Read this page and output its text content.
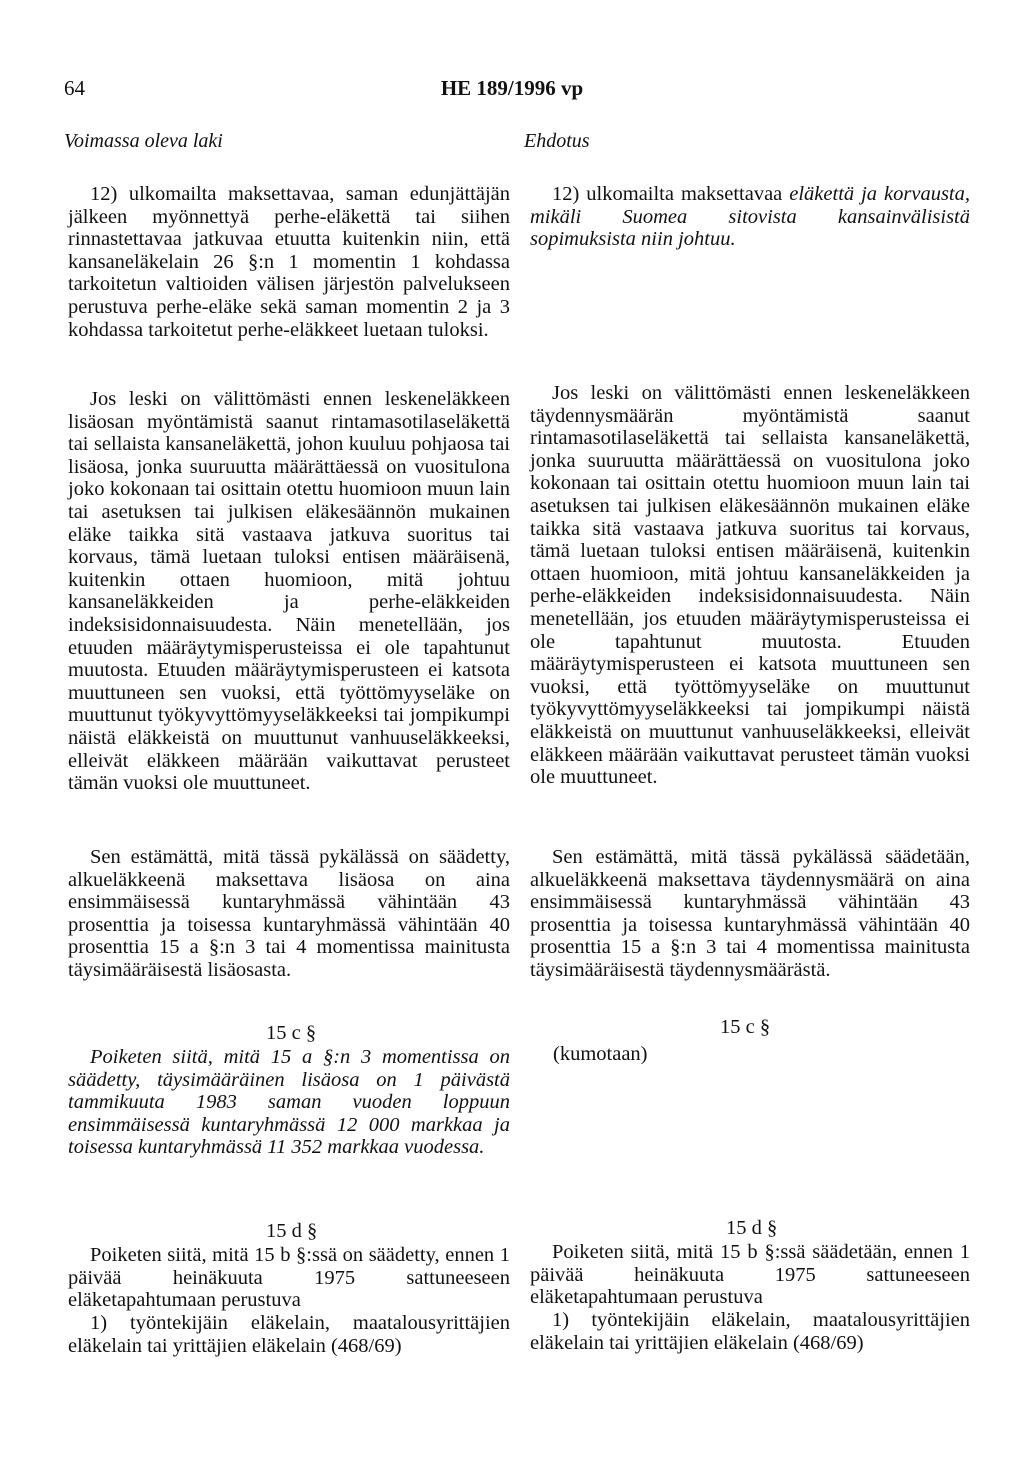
64	HE 189/1996 vp
Voimassa oleva laki	Ehdotus
12) ulkomailta maksettavaa, saman edunjättäjän jälkeen myönnettyä perhe-eläkettä tai siihen rinnastettavaa jatkuvaa etuutta kuitenkin niin, että kansaneläkelain 26 §:n 1 momentin 1 kohdassa tarkoitetun valtioiden välisen järjestön palvelukseen perustuva perhe-eläke sekä saman momentin 2 ja 3 kohdassa tarkoitetut perhe-eläkkeet luetaan tuloksi.
Jos leski on välittömästi ennen leskeneläkkeen lisäosan myöntämistä saanut rintamasotilaseläkettä tai sellaista kansaneläkettä, johon kuuluu pohjaosa tai lisäosa, jonka suuruutta määrättäessä on vuositulona joko kokonaan tai osittain otettu huomioon muun lain tai asetuksen tai julkisen eläkesäännön mukainen eläke taikka sitä vastaava jatkuva suoritus tai korvaus, tämä luetaan tuloksi entisen määräisenä, kuitenkin ottaen huomioon, mitä johtuu kansaneläkkeiden ja perhe-eläkkeiden indeksisidonnaisuudesta. Näin menetellään, jos etuuden määräytymisperusteissa ei ole tapahtunut muutosta. Etuuden määräytymisperusteen ei katsota muuttuneen sen vuoksi, että työttömyyseläke on muuttunut työkyvyttömyyseläkkeeksi tai jompikumpi näistä eläkkeistä on muuttunut vanhuuseläkkeeksi, elleivät eläkkeen määrään vaikuttavat perusteet tämän vuoksi ole muuttuneet.
Sen estämättä, mitä tässä pykälässä on säädetty, alkueläkkeenä maksettava lisäosa on aina ensimmäisessä kuntaryhmässä vähintään 43 prosenttia ja toisessa kuntaryhmässä vähintään 40 prosenttia 15 a §:n 3 tai 4 momentissa mainitusta täysimääräisestä lisäosasta.
15 c §
Poiketen siitä, mitä 15 a §:n 3 momentissa on säädetty, täysimääräinen lisäosa on 1 päivästä tammikuuta 1983 saman vuoden loppuun ensimmäisessä kuntaryhmässä 12 000 markkaa ja toisessa kuntaryhmässä 11 352 markkaa vuodessa.
15 d §
Poiketen siitä, mitä 15 b §:ssä on säädetty, ennen 1 päivää heinäkuuta 1975 sattuneeseen eläketapahtumaan perustuva
1) työntekijäin eläkelain, maatalousyrittäjien eläkelain tai yrittäjien eläkelain (468/69)
12) ulkomailta maksettavaa eläkettä ja korvausta, mikäli Suomea sitovista kansainvälisistä sopimuksista niin johtuu.
Jos leski on välittömästi ennen leskeneläkkeen täydennysmäärän myöntämistä saanut rintamasotilaseläkettä tai sellaista kansaneläkettä, jonka suuruutta määrättäessä on vuositulona joko kokonaan tai osittain otettu huomioon muun lain tai asetuksen tai julkisen eläkesäännön mukainen eläke taikka sitä vastaava jatkuva suoritus tai korvaus, tämä luetaan tuloksi entisen määräisenä, kuitenkin ottaen huomioon, mitä johtuu kansaneläkkeiden ja perhe-eläkkeiden indeksisidonnaisuudesta. Näin menetellään, jos etuuden määräytymisperusteissa ei ole tapahtunut muutosta. Etuuden määräytymisperusteen ei katsota muuttuneen sen vuoksi, että työttömyyseläke on muuttunut työkyvyttömyyseläkkeeksi tai jompikumpi näistä eläkkeistä on muuttunut vanhuuseläkkeeksi, elleivät eläkkeen määrään vaikuttavat perusteet tämän vuoksi ole muuttuneet.
Sen estämättä, mitä tässä pykälässä säädetään, alkueläkkeenä maksettava täydennysmäärä on aina ensimmäisessä kuntaryhmässä vähintään 43 prosenttia ja toisessa kuntaryhmässä vähintään 40 prosenttia 15 a §:n 3 tai 4 momentissa mainitusta täysimääräisestä täydennysmäärästä.
15 c §
(kumotaan)
15 d §
Poiketen siitä, mitä 15 b §:ssä säädetään, ennen 1 päivää heinäkuuta 1975 sattuneeseen eläketapahtumaan perustuva
1) työntekijäin eläkelain, maatalousyrittäjien eläkelain tai yrittäjien eläkelain (468/69)
